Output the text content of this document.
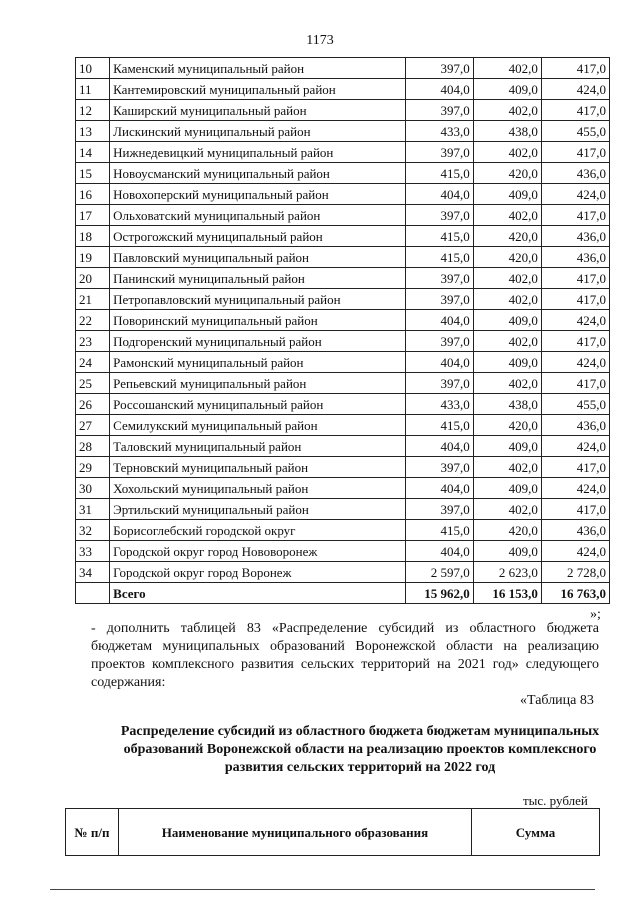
1173
10	Каменский муниципальный район	397,0	402,0	417,0
11	Кантемировский муниципальный район	404,0	409,0	424,0
12	Каширский муниципальный район	397,0	402,0	417,0
13	Лискинский муниципальный район	433,0	438,0	455,0
14	Нижнедевицкий муниципальный район	397,0	402,0	417,0
15	Новоусманский муниципальный район	415,0	420,0	436,0
16	Новохоперский муниципальный район	404,0	409,0	424,0
17	Ольховатский муниципальный район	397,0	402,0	417,0
18	Острогожский муниципальный район	415,0	420,0	436,0
19	Павловский муниципальный район	415,0	420,0	436,0
20	Панинский муниципальный район	397,0	402,0	417,0
21	Петропавловский муниципальный район	397,0	402,0	417,0
22	Поворинский муниципальный район	404,0	409,0	424,0
23	Подгоренский муниципальный район	397,0	402,0	417,0
24	Рамонский муниципальный район	404,0	409,0	424,0
25	Репьевский муниципальный район	397,0	402,0	417,0
26	Россошанский муниципальный район	433,0	438,0	455,0
27	Семилукский муниципальный район	415,0	420,0	436,0
28	Таловский муниципальный район	404,0	409,0	424,0
29	Терновский муниципальный район	397,0	402,0	417,0
30	Хохольский муниципальный район	404,0	409,0	424,0
31	Эртильский муниципальный район	397,0	402,0	417,0
32	Борисоглебский городской округ	415,0	420,0	436,0
33	Городской округ город Нововоронеж	404,0	409,0	424,0
34	Городской округ город Воронеж	2 597,0	2 623,0	2 728,0
	Всего	15 962,0	16 153,0	16 763,0
»;
- дополнить таблицей 83 «Распределение субсидий из областного бюджета бюджетам муниципальных образований Воронежской области на реализацию проектов комплексного развития сельских территорий на 2021 год» следующего содержания:
«Таблица 83
Распределение субсидий из областного бюджета бюджетам муниципальных образований Воронежской области на реализацию проектов комплексного развития сельских территорий на 2022 год
тыс. рублей
№ п/п	Наименование муниципального образования	Сумма
